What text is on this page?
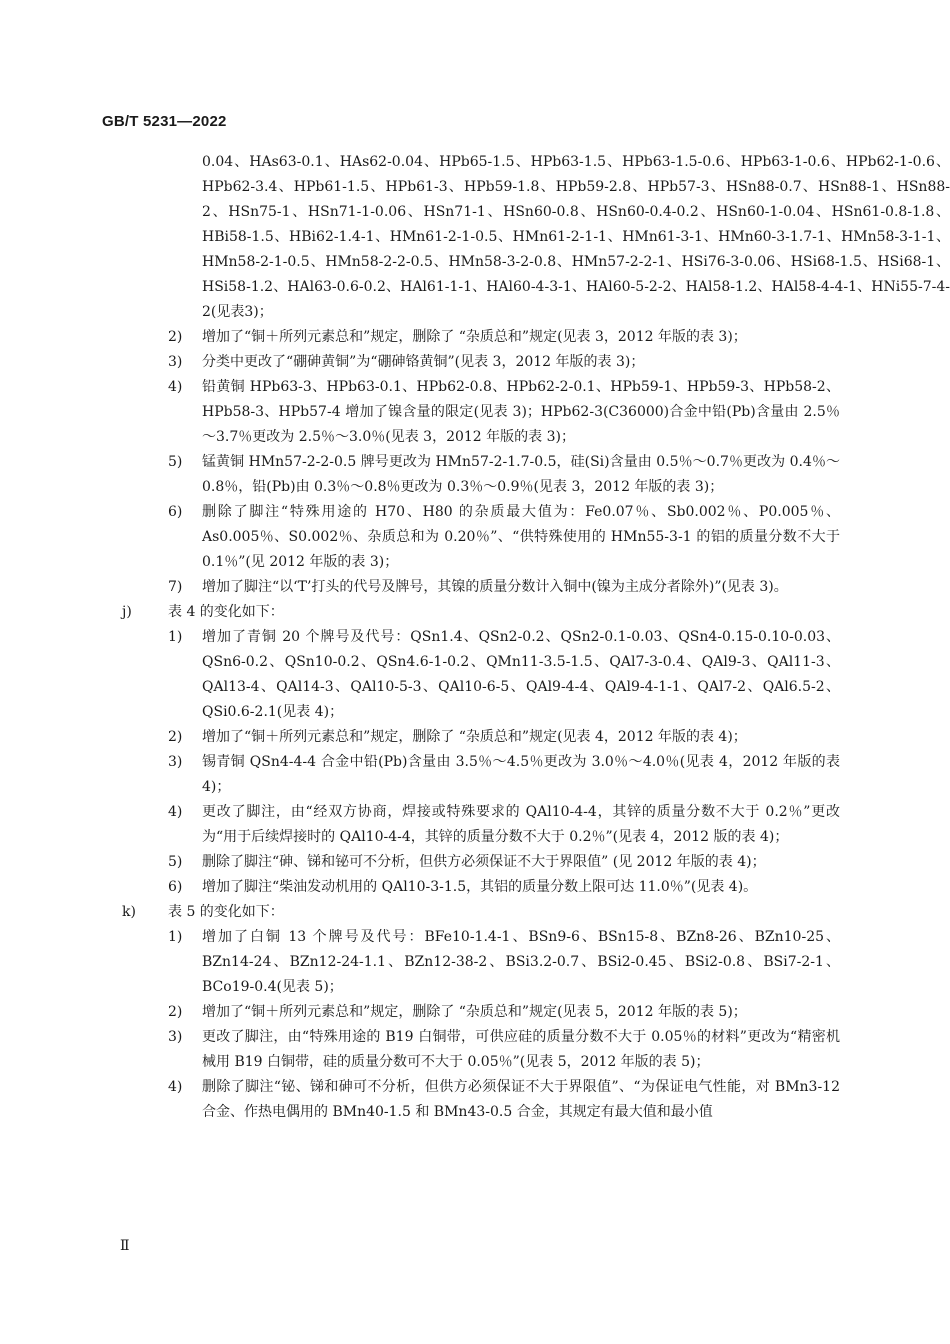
GB/T 5231—2022
0.04、HAs63-0.1、HAs62-0.04、HPb65-1.5、HPb63-1.5、HPb63-1.5-0.6、HPb63-1-0.6、HPb62-1-0.6、HPb62-3.4、HPb61-1.5、HPb61-3、HPb59-1.8、HPb59-2.8、HPb57-3、HSn88-0.7、HSn88-1、HSn88-2、HSn75-1、HSn71-1-0.06、HSn71-1、HSn60-0.8、HSn60-0.4-0.2、HSn60-1-0.04、HSn61-0.8-1.8、HBi58-1.5、HBi62-1.4-1、HMn61-2-1-0.5、HMn61-2-1-1、HMn61-3-1、HMn60-3-1.7-1、HMn58-3-1-1、HMn58-2-1-0.5、HMn58-2-2-0.5、HMn58-3-2-0.8、HMn57-2-2-1、HSi76-3-0.06、HSi68-1.5、HSi68-1、HSi58-1.2、HAl63-0.6-0.2、HAl61-1-1、HAl60-4-3-1、HAl60-5-2-2、HAl58-1.2、HAl58-4-4-1、HNi55-7-4-2(见表3)；
2)	增加了“铜＋所列元素总和”规定，删除了 “杂质总和”规定(见表 3，2012 年版的表 3)；
3)	分类中更改了“硼砷黄铜”为“硼砷铬黄铜”(见表 3，2012 年版的表 3)；
4)	铅黄铜 HPb63-3、HPb63-0.1、HPb62-0.8、HPb62-2-0.1、HPb59-1、HPb59-3、HPb58-2、HPb58-3、HPb57-4 增加了镍含量的限定(见表 3)；HPb62-3(C36000)合金中铅(Pb)含量由 2.5％～3.7％更改为 2.5％～3.0％(见表 3，2012 年版的表 3)；
5)	锰黄铜 HMn57-2-2-0.5 牌号更改为 HMn57-2-1.7-0.5，硅(Si)含量由 0.5％～0.7％更改为 0.4％～0.8％，铅(Pb)由 0.3％～0.8％更改为 0.3％～0.9％(见表 3，2012 年版的表 3)；
6)	删除了脚注“特殊用途的 H70、H80 的杂质最大值为：Fe0.07％、Sb0.002％、P0.005％、As0.005％、S0.002％、杂质总和为 0.20％”、“供特殊使用的 HMn55-3-1 的铝的质量分数不大于 0.1％”(见 2012 年版的表 3)；
7)	增加了脚注“以‘T’打头的代号及牌号，其镍的质量分数计入铜中(镍为主成分者除外)”(见表 3)。
j)	表 4 的变化如下：
1)	增加了青铜 20 个牌号及代号：QSn1.4、QSn2-0.2、QSn2-0.1-0.03、QSn4-0.15-0.10-0.03、QSn6-0.2、QSn10-0.2、QSn4.6-1-0.2、QMn11-3.5-1.5、QAl7-3-0.4、QAl9-3、QAl11-3、QAl13-4、QAl14-3、QAl10-5-3、QAl10-6-5、QAl9-4-4、QAl9-4-1-1、QAl7-2、QAl6.5-2、QSi0.6-2.1(见表 4)；
2)	增加了“铜＋所列元素总和”规定，删除了 “杂质总和”规定(见表 4，2012 年版的表 4)；
3)	锡青铜 QSn4-4-4 合金中铅(Pb)含量由 3.5％～4.5％更改为 3.0％～4.0％(见表 4，2012 年版的表 4)；
4)	更改了脚注，由“经双方协商，焊接或特殊要求的 QAl10-4-4，其锌的质量分数不大于 0.2％”更改为“用于后续焊接时的 QAl10-4-4，其锌的质量分数不大于 0.2％”(见表 4，2012 版的表 4)；
5)	删除了脚注“砷、锑和铋可不分析，但供方必须保证不大于界限值” (见 2012 年版的表 4)；
6)	增加了脚注“柴油发动机用的 QAl10-3-1.5，其铝的质量分数上限可达 11.0％”(见表 4)。
k)	表 5 的变化如下：
1)	增加了白铜 13 个牌号及代号：BFe10-1.4-1、BSn9-6、BSn15-8、BZn8-26、BZn10-25、BZn14-24、BZn12-24-1.1、BZn12-38-2、BSi3.2-0.7、BSi2-0.45、BSi2-0.8、BSi7-2-1、BCo19-0.4(见表 5)；
2)	增加了“铜＋所列元素总和”规定，删除了 “杂质总和”规定(见表 5，2012 年版的表 5)；
3)	更改了脚注，由“特殊用途的 B19 白铜带，可供应硅的质量分数不大于 0.05％的材料”更改为“精密机械用 B19 白铜带，硅的质量分数可不大于 0.05％”(见表 5，2012 年版的表 5)；
4)	删除了脚注“铋、锑和砷可不分析，但供方必须保证不大于界限值”、“为保证电气性能，对 BMn3-12 合金、作热电偶用的 BMn40-1.5 和 BMn43-0.5 合金，其规定有最大值和最小值
Ⅱ
